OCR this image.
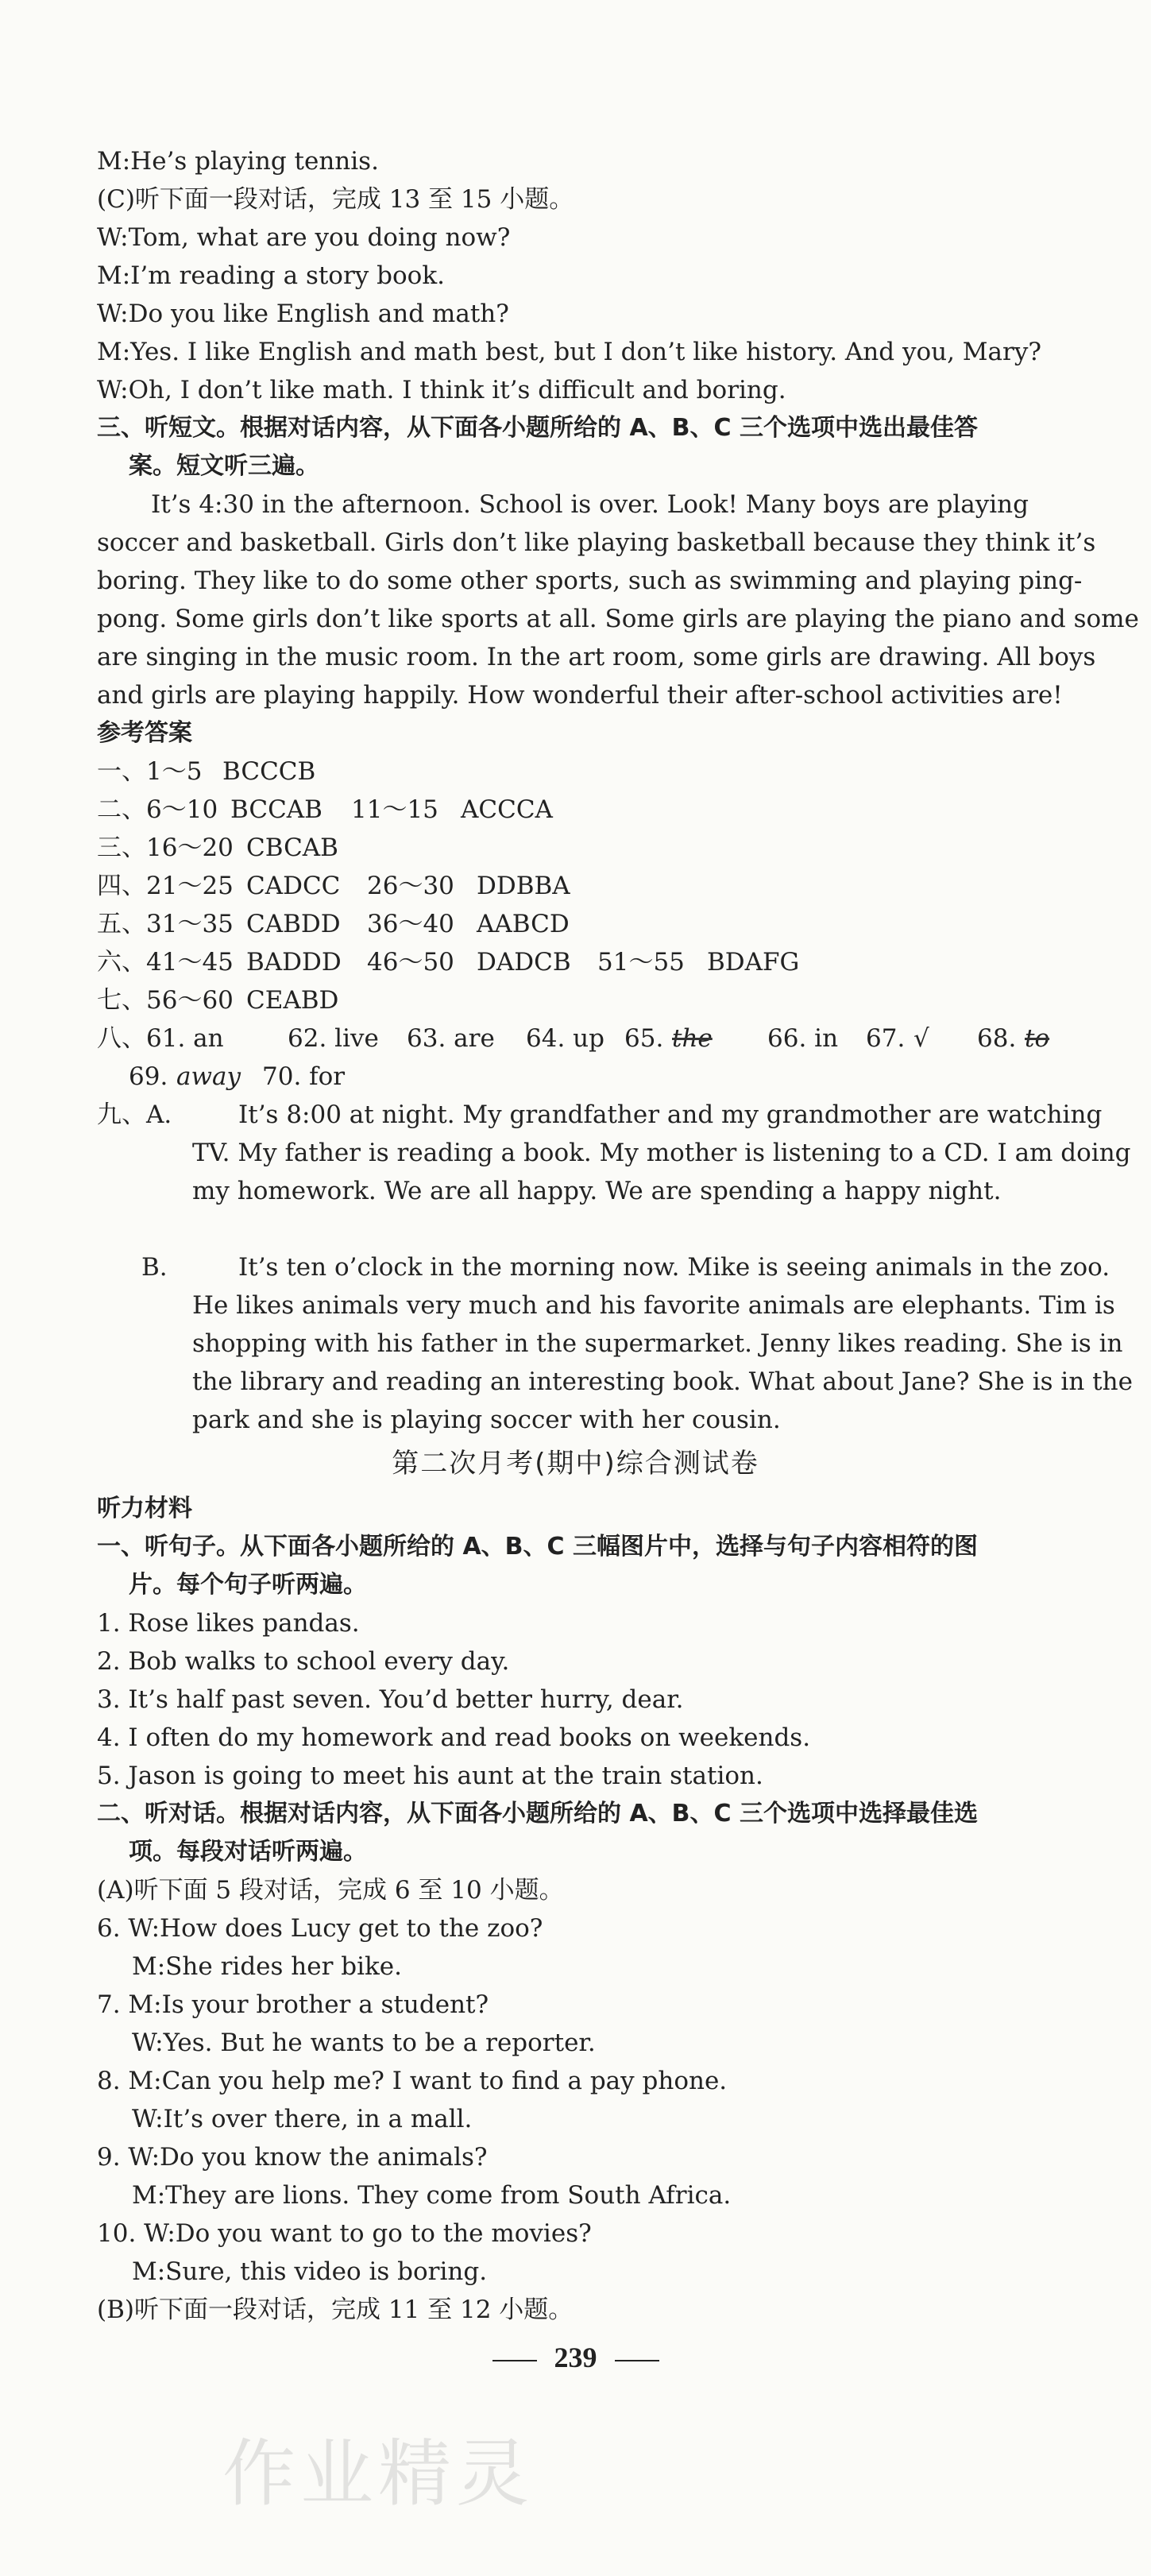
M:He’s playing tennis.
(C)听下面一段对话，完成 13 至 15 小题。
W:Tom, what are you doing now?
M:I’m reading a story book.
W:Do you like English and math?
M:Yes. I like English and math best, but I don’t like history. And you, Mary?
W:Oh, I don’t like math. I think it’s difficult and boring.
三、听短文。根据对话内容，从下面各小题所给的 A、B、C 三个选项中选出最佳答
案。短文听三遍。
It’s 4:30 in the afternoon. School is over. Look! Many boys are playing
soccer and basketball. Girls don’t like playing basketball because they think it’s
boring. They like to do some other sports, such as swimming and playing ping-
pong. Some girls don’t like sports at all. Some girls are playing the piano and some
are singing in the music room. In the art room, some girls are drawing. All boys
and girls are playing happily. How wonderful their after-school activities are!
参考答案
一、1～5 BCCCB
二、6～10 BCCAB 11～15 ACCCA
三、16～20 CBCAB
四、21～25 CADCC 26～30 DDBBA
五、31～35 CABDD 36～40 AABCD
六、41～45 BADDD 46～50 DADCB 51～55 BDAFG
七、56～60 CEABD
八、61. an	62. live 63. are 64. up 65. the 66. in 67. √ 68. to
69. away 70. for
九、A.	It’s 8:00 at night. My grandfather and my grandmother are watching
TV. My father is reading a book. My mother is listening to a CD. I am doing
my homework. We are all happy. We are spending a happy night.
B.	It’s ten o’clock in the morning now. Mike is seeing animals in the zoo.
He likes animals very much and his favorite animals are elephants. Tim is
shopping with his father in the supermarket. Jenny likes reading. She is in
the library and reading an interesting book. What about Jane? She is in the
park and she is playing soccer with her cousin.
第二次月考(期中)综合测试卷
听力材料
一、听句子。从下面各小题所给的 A、B、C 三幅图片中，选择与句子内容相符的图
片。每个句子听两遍。
1. Rose likes pandas.
2. Bob walks to school every day.
3. It’s half past seven. You’d better hurry, dear.
4. I often do my homework and read books on weekends.
5. Jason is going to meet his aunt at the train station.
二、听对话。根据对话内容，从下面各小题所给的 A、B、C 三个选项中选择最佳选
项。每段对话听两遍。
(A)听下面 5 段对话，完成 6 至 10 小题。
6. W:How does Lucy get to the zoo?
M:She rides her bike.
7. M:Is your brother a student?
W:Yes. But he wants to be a reporter.
8. M:Can you help me? I want to find a pay phone.
W:It’s over there, in a mall.
9. W:Do you know the animals?
M:They are lions. They come from South Africa.
10. W:Do you want to go to the movies?
M:Sure, this video is boring.
(B)听下面一段对话，完成 11 至 12 小题。
239
作业精灵
